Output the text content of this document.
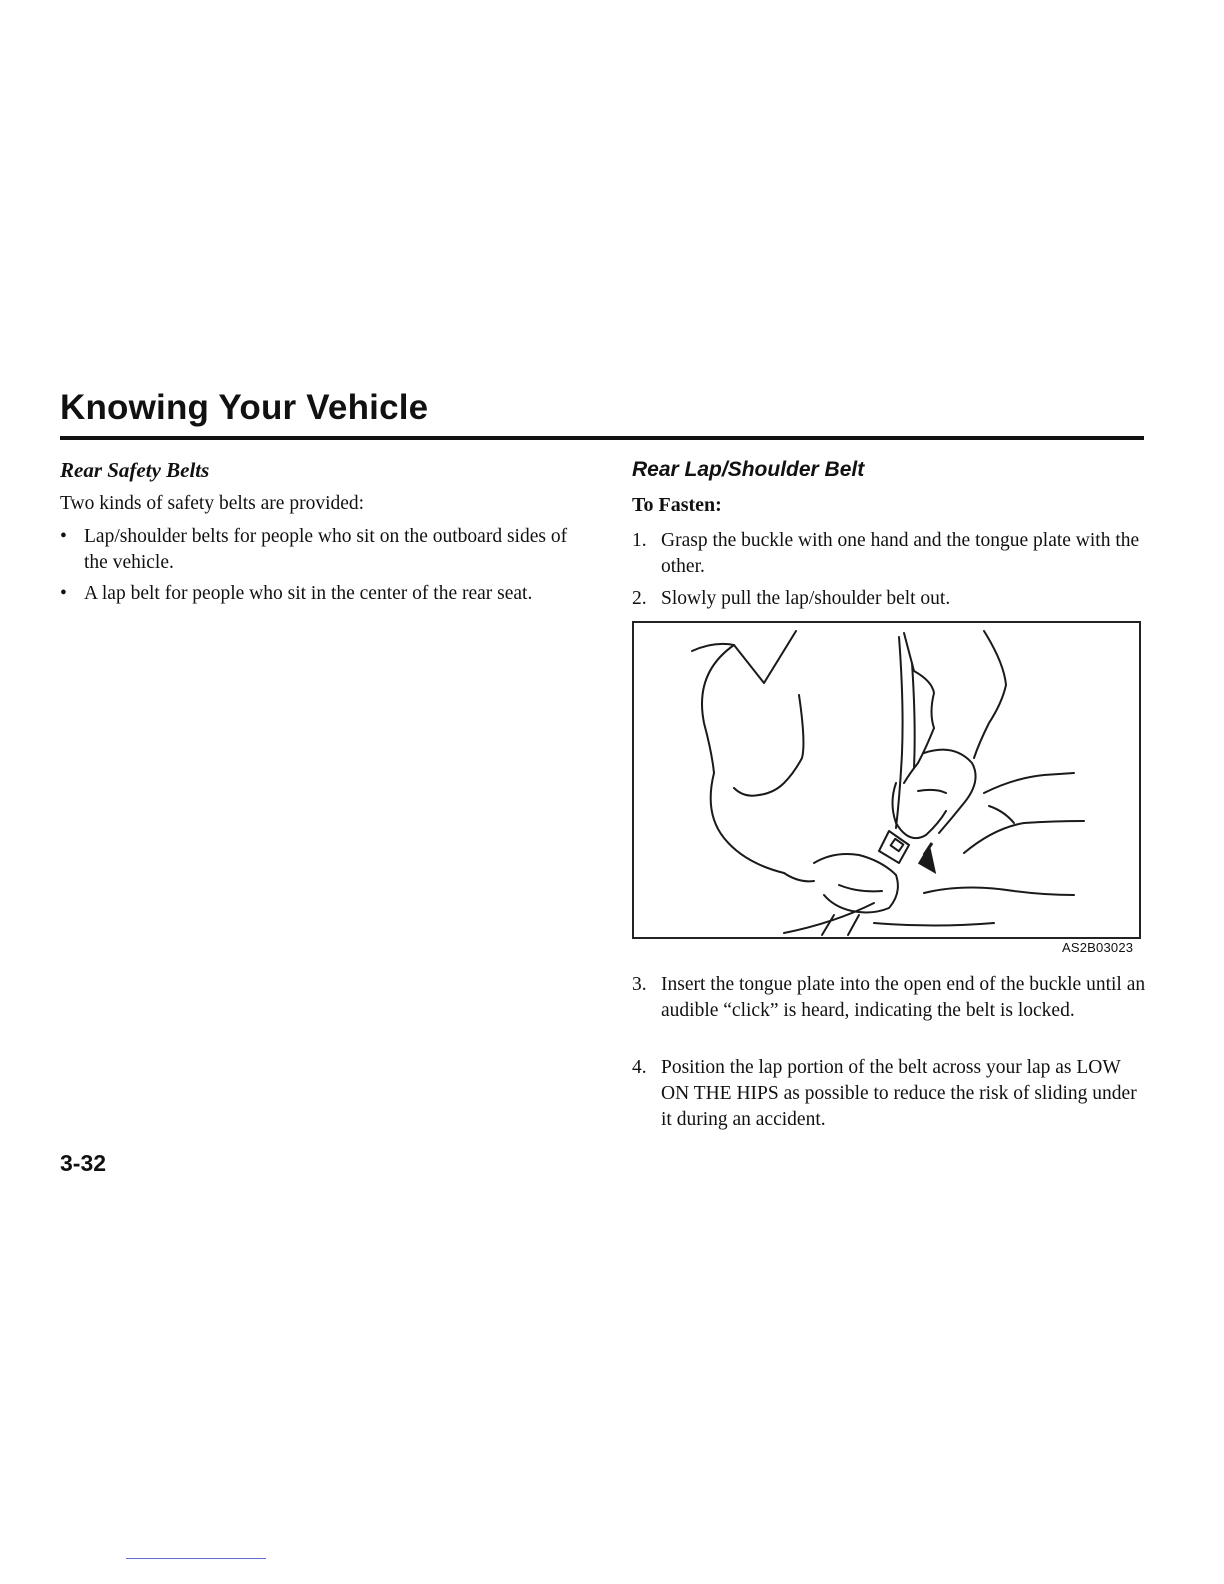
Knowing Your Vehicle
Rear Safety Belts
Two kinds of safety belts are provided:
• Lap/shoulder belts for people who sit on the outboard sides of the vehicle.
• A lap belt for people who sit in the center of the rear seat.
Rear Lap/Shoulder Belt
To Fasten:
1. Grasp the buckle with one hand and the tongue plate with the other.
2. Slowly pull the lap/shoulder belt out.
AS2B03023
3. Insert the tongue plate into the open end of the buckle until an audible “click” is heard, indicating the belt is locked.
4. Position the lap portion of the belt across your lap as LOW ON THE HIPS as possible to reduce the risk of sliding under it during an accident.
3-32
